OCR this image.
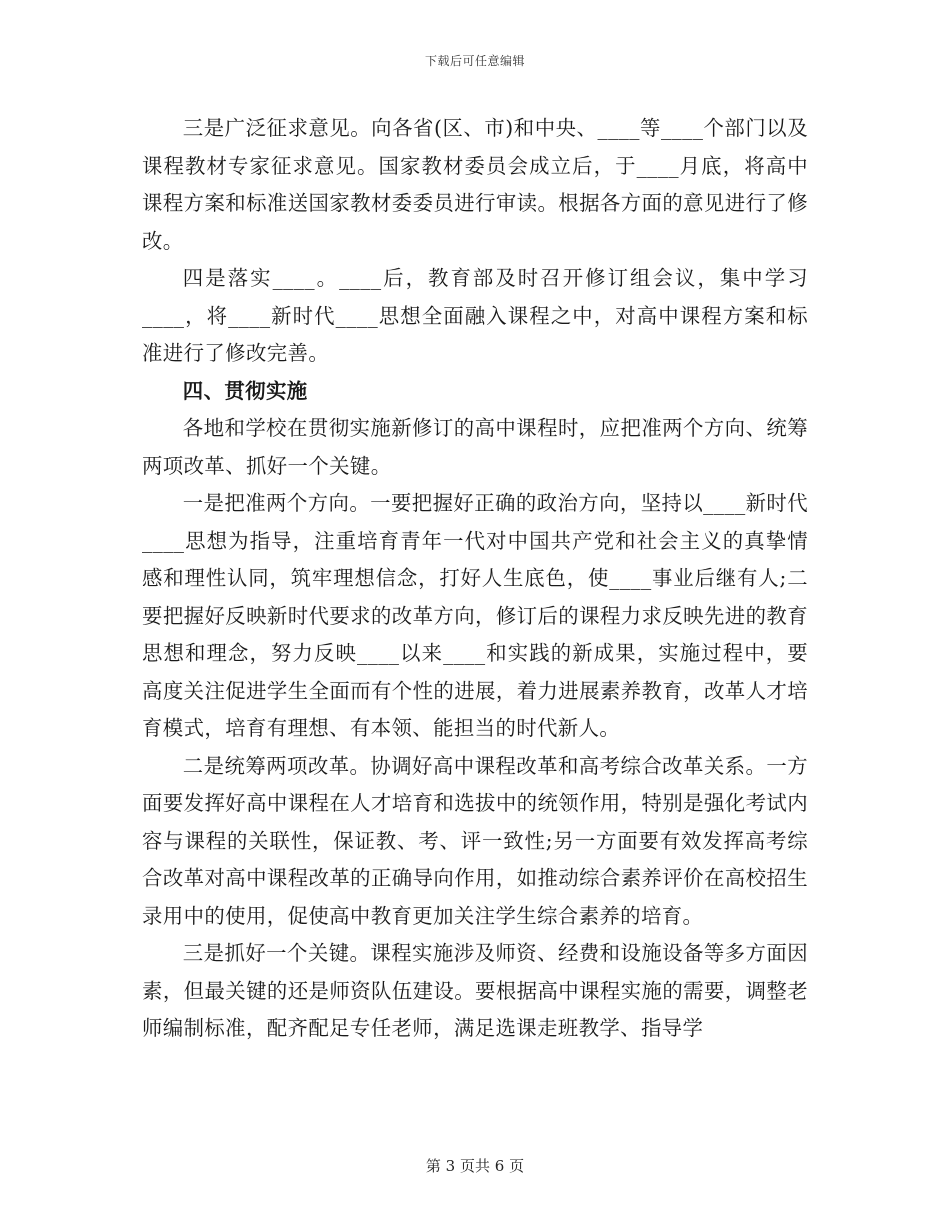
下载后可任意编辑

三是广泛征求意见。向各省(区、市)和中央、____等____个部门以及课程教材专家征求意见。国家教材委员会成立后，于____月底，将高中课程方案和标准送国家教材委委员进行审读。根据各方面的意见进行了修改。

四是落实____。____后，教育部及时召开修订组会议，集中学习____，将____新时代____思想全面融入课程之中，对高中课程方案和标准进行了修改完善。

四、贯彻实施

各地和学校在贯彻实施新修订的高中课程时，应把准两个方向、统筹两项改革、抓好一个关键。

一是把准两个方向。一要把握好正确的政治方向，坚持以____新时代____思想为指导，注重培育青年一代对中国共产党和社会主义的真挚情感和理性认同，筑牢理想信念，打好人生底色，使____事业后继有人;二要把握好反映新时代要求的改革方向，修订后的课程力求反映先进的教育思想和理念，努力反映____以来____和实践的新成果，实施过程中，要高度关注促进学生全面而有个性的进展，着力进展素养教育，改革人才培育模式，培育有理想、有本领、能担当的时代新人。

二是统筹两项改革。协调好高中课程改革和高考综合改革关系。一方面要发挥好高中课程在人才培育和选拔中的统领作用，特别是强化考试内容与课程的关联性，保证教、考、评一致性;另一方面要有效发挥高考综合改革对高中课程改革的正确导向作用，如推动综合素养评价在高校招生录用中的使用，促使高中教育更加关注学生综合素养的培育。

三是抓好一个关键。课程实施涉及师资、经费和设施设备等多方面因素，但最关键的还是师资队伍建设。要根据高中课程实施的需要，调整老师编制标准，配齐配足专任老师，满足选课走班教学、指导学

第 3 页共 6 页
